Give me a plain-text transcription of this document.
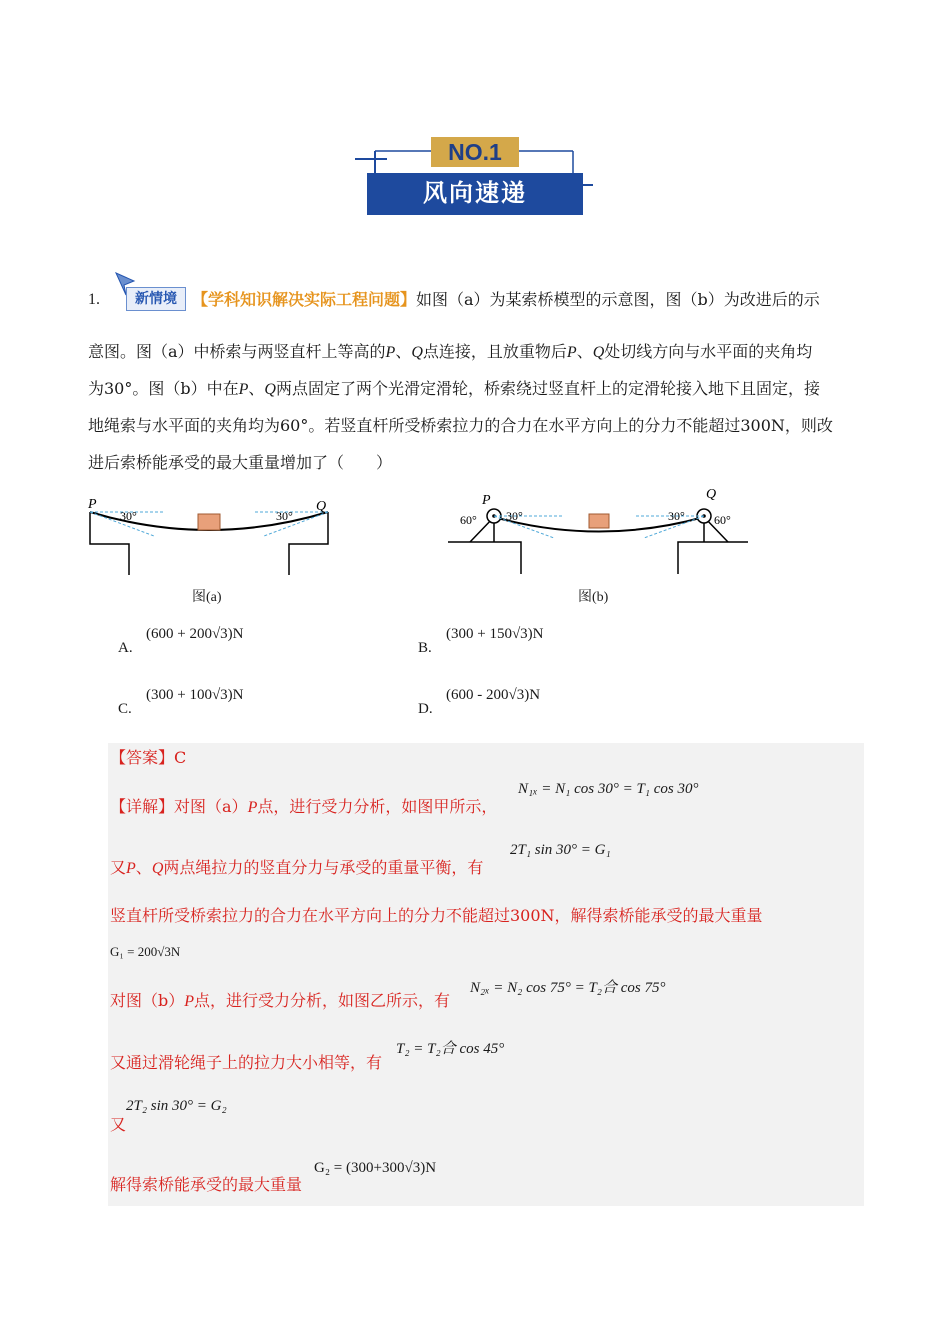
NO.1
风向速递
1.	新情境 【学科知识解决实际工程问题】如图（a）为某索桥模型的示意图，图（b）为改进后的示
意图。图（a）中桥索与两竖直杆上等高的P、Q点连接，且放重物后P、Q处切线方向与水平面的夹角均
为30°。图（b）中在P、Q两点固定了两个光滑定滑轮，桥索绕过竖直杆上的定滑轮接入地下且固定，接
地绳索与水平面的夹角均为60°。若竖直杆所受桥索拉力的合力在水平方向上的分力不能超过300N，则改
进后索桥能承受的最大重量增加了（　　）
P	Q
30°	30°
图(a)
P	Q
30°	30°
60°	60°
图(b)
A.
(600 + 200√3)N
B.
(300 + 150√3)N
C.
(300 + 100√3)N
D.
(600 - 200√3)N
【答案】C
【详解】对图（a）P点，进行受力分析，如图甲所示，
N₁ₓ = N₁ cos 30° = T₁ cos 30°
又P、Q两点绳拉力的竖直分力与承受的重量平衡，有
2T₁ sin 30° = G₁
竖直杆所受桥索拉力的合力在水平方向上的分力不能超过300N，解得索桥能承受的最大重量
G₁ = 200√3N
对图（b）P点，进行受力分析，如图乙所示，有
N₂ₓ = N₂ cos 75° = T₂合 cos 75°
又通过滑轮绳子上的拉力大小相等，有
T₂ = T₂合 cos 45°
2T₂ sin 30° = G₂
又
解得索桥能承受的最大重量
G₂ = (300+300√3)N
